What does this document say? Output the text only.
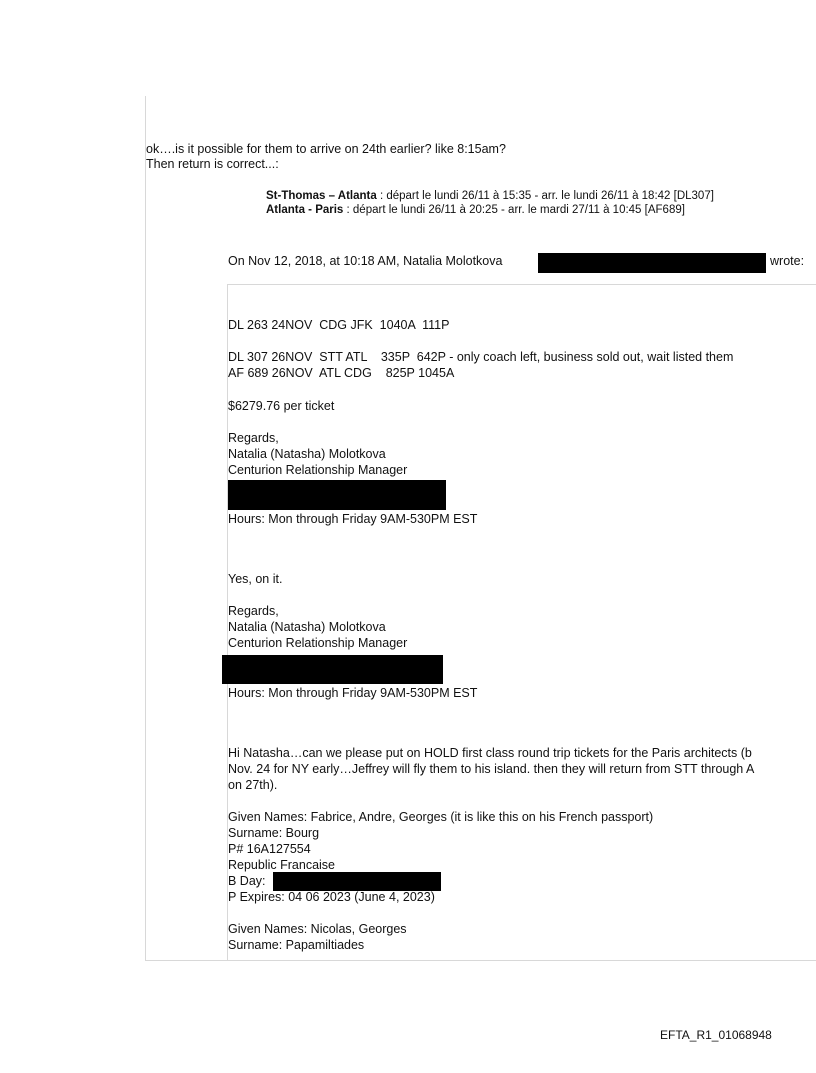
ok….is it possible for them to arrive on 24th earlier? like 8:15am?
Then return is correct...:
St-Thomas – Atlanta : départ le lundi 26/11 à 15:35 - arr. le lundi 26/11 à 18:42 [DL307]
Atlanta - Paris : départ le lundi 26/11 à 20:25 - arr. le mardi 27/11 à 10:45 [AF689]
On Nov 12, 2018, at 10:18 AM, Natalia Molotkova	wrote:
DL 263 24NOV  CDG JFK  1040A  111P
DL 307 26NOV  STT ATL    335P  642P - only coach left, business sold out, wait listed them
AF 689 26NOV  ATL CDG    825P 1045A
$6279.76 per ticket
Regards,
Natalia (Natasha) Molotkova
Centurion Relationship Manager
Hours: Mon through Friday 9AM-530PM EST
Yes, on it.
Regards,
Natalia (Natasha) Molotkova
Centurion Relationship Manager
Hours: Mon through Friday 9AM-530PM EST
Hi Natasha…can we please put on HOLD first class round trip tickets for the Paris architects (b
Nov. 24 for NY early…Jeffrey will fly them to his island. then they will return from STT through A
on 27th).
Given Names: Fabrice, Andre, Georges (it is like this on his French passport)
Surname: Bourg
P# 16A127554
Republic Francaise
B Day:
P Expires: 04 06 2023 (June 4, 2023)
Given Names: Nicolas, Georges
Surname: Papamiltiades
EFTA_R1_01068948
